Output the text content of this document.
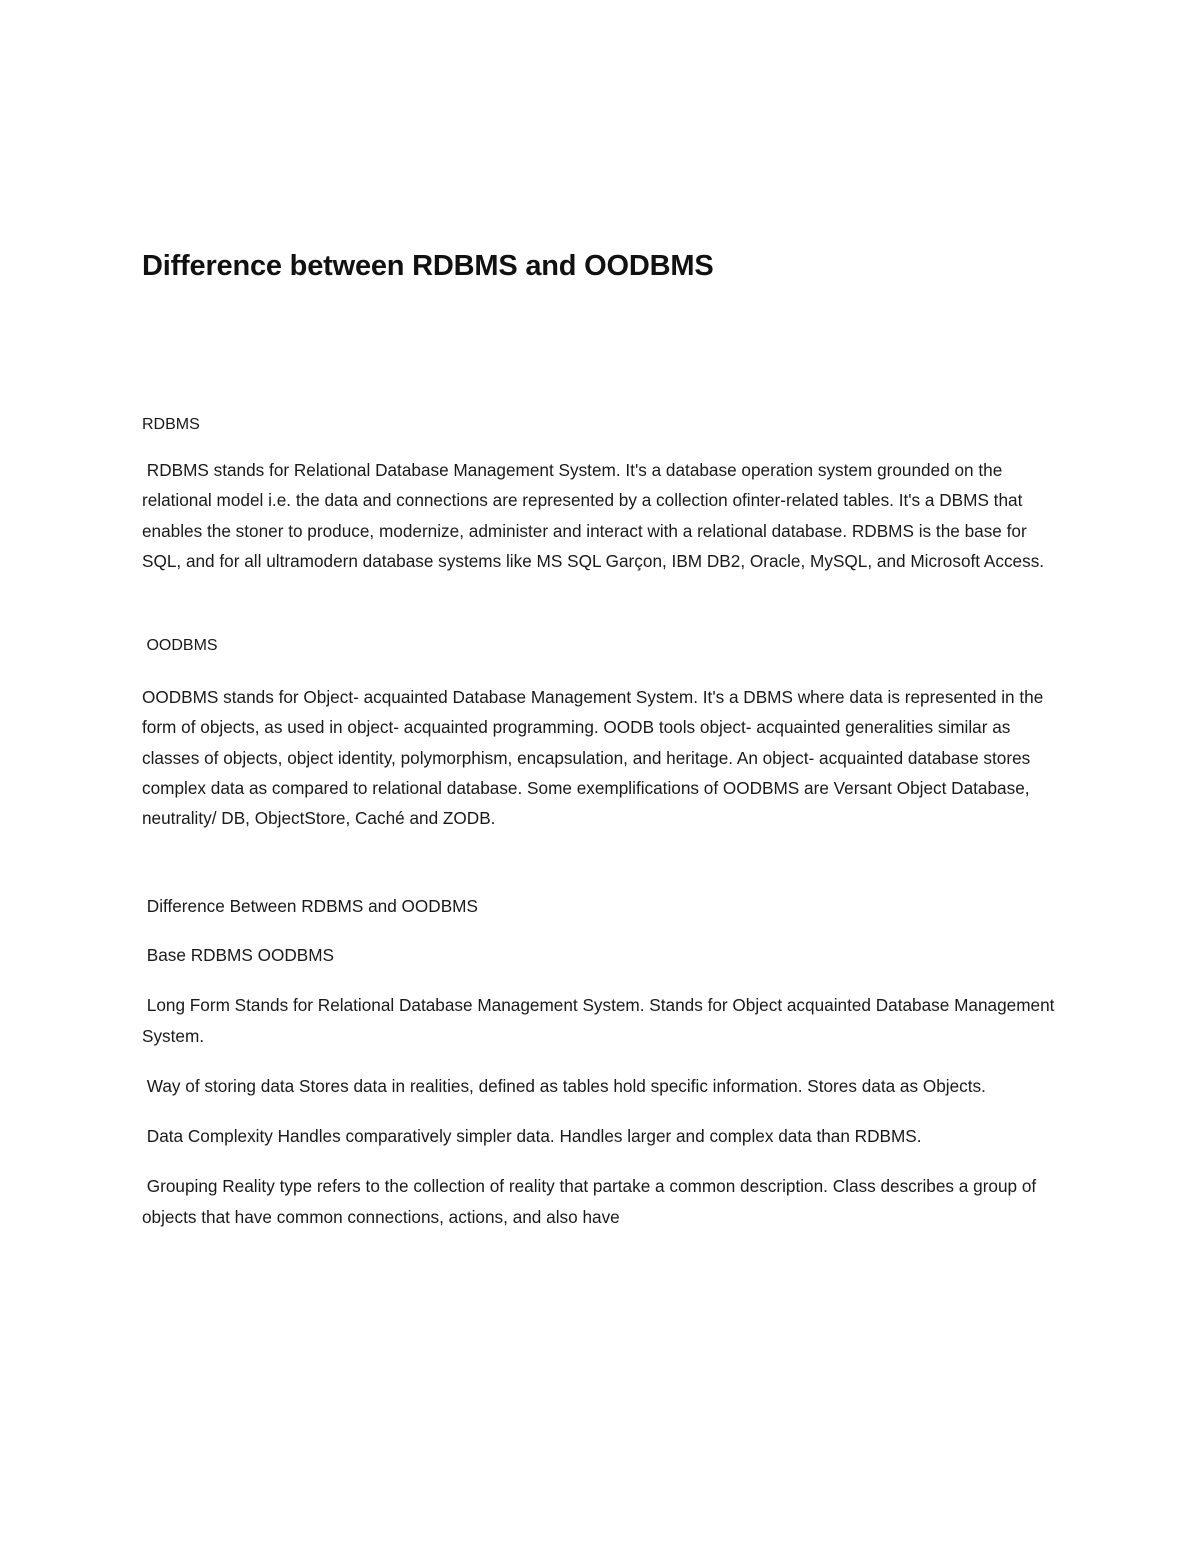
Difference between RDBMS and OODBMS

RDBMS

RDBMS stands for Relational Database Management System. It's a database operation system grounded on the relational model i.e. the data and connections are represented by a collection ofinter-related tables. It's a DBMS that enables the stoner to produce, modernize, administer and interact with a relational database. RDBMS is the base for SQL, and for all ultramodern database systems like MS SQL Garçon, IBM DB2, Oracle, MySQL, and Microsoft Access.

OODBMS

OODBMS stands for Object- acquainted Database Management System. It's a DBMS where data is represented in the form of objects, as used in object- acquainted programming. OODB tools object- acquainted generalities similar as classes of objects, object identity, polymorphism, encapsulation, and heritage. An object- acquainted database stores complex data as compared to relational database. Some exemplifications of OODBMS are Versant Object Database, neutrality/ DB, ObjectStore, Caché and ZODB.

Difference Between RDBMS and OODBMS

Base RDBMS OODBMS

Long Form Stands for Relational Database Management System. Stands for Object acquainted Database Management System.

Way of storing data Stores data in realities, defined as tables hold specific information. Stores data as Objects.

Data Complexity Handles comparatively simpler data. Handles larger and complex data than RDBMS.

Grouping Reality type refers to the collection of reality that partake a common description. Class describes a group of objects that have common connections, actions, and also have
